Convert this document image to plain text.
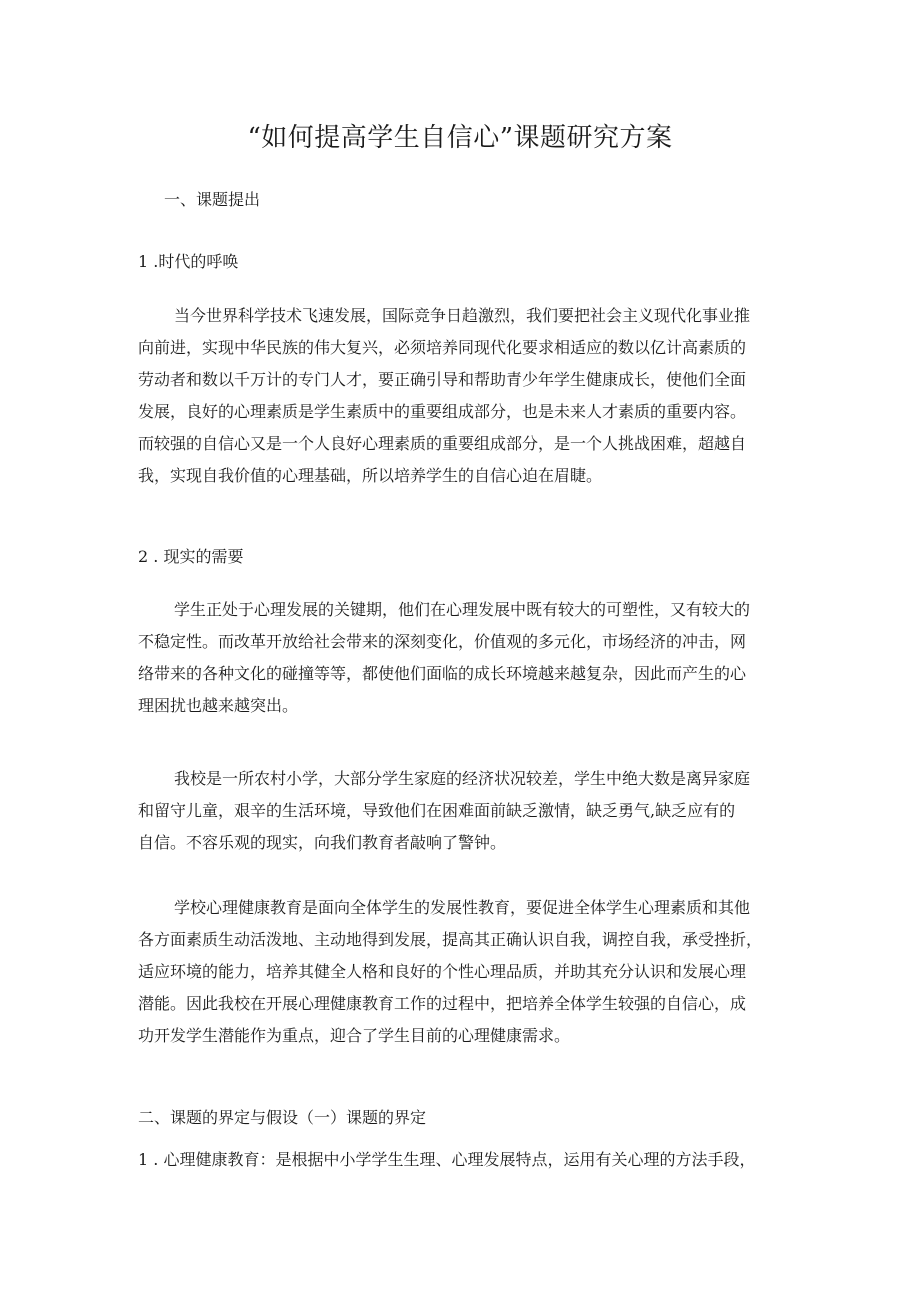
“如何提高学生自信心”课题研究方案
一、课题提出
1 .时代的呼唤
当今世界科学技术飞速发展，国际竞争日趋激烈，我们要把社会主义现代化事业推
向前进，实现中华民族的伟大复兴，必须培养同现代化要求相适应的数以亿计高素质的
劳动者和数以千万计的专门人才，要正确引导和帮助青少年学生健康成长，使他们全面
发展，良好的心理素质是学生素质中的重要组成部分，也是未来人才素质的重要内容。
而较强的自信心又是一个人良好心理素质的重要组成部分，是一个人挑战困难，超越自
我，实现自我价值的心理基础，所以培养学生的自信心迫在眉睫。
2 . 现实的需要
学生正处于心理发展的关键期，他们在心理发展中既有较大的可塑性，又有较大的
不稳定性。而改革开放给社会带来的深刻变化，价值观的多元化，市场经济的冲击，网
络带来的各种文化的碰撞等等，都使他们面临的成长环境越来越复杂，因此而产生的心
理困扰也越来越突出。
我校是一所农村小学，大部分学生家庭的经济状况较差，学生中绝大数是离异家庭
和留守儿童，艰辛的生活环境，导致他们在困难面前缺乏激情，缺乏勇气,缺乏应有的
自信。不容乐观的现实，向我们教育者敲响了警钟。
学校心理健康教育是面向全体学生的发展性教育，要促进全体学生心理素质和其他
各方面素质生动活泼地、主动地得到发展，提高其正确认识自我，调控自我，承受挫折，
适应环境的能力，培养其健全人格和良好的个性心理品质，并助其充分认识和发展心理
潜能。因此我校在开展心理健康教育工作的过程中，把培养全体学生较强的自信心，成
功开发学生潜能作为重点，迎合了学生目前的心理健康需求。
二、课题的界定与假设（一）课题的界定
1 . 心理健康教育：是根据中小学学生生理、心理发展特点，运用有关心理的方法手段，
